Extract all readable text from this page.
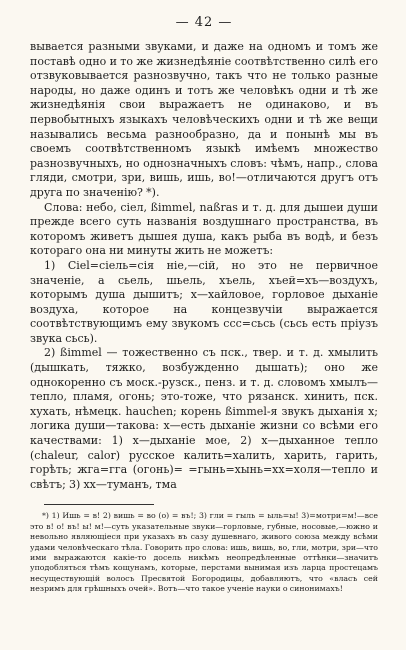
— 42 —

вывается разными звуками, и даже на одномъ и томъ же поставѣ одно и то же жизнедѣянiе соотвѣтственно силѣ его отзвуковывается разнозвучно, такъ что не только разные народы, но даже одинъ и тотъ же человѣкъ одни и тѣ же жизнедѣянія свои выражаетъ не одинаково, и въ первобытныхъ языкахъ человѣческихъ одни и тѣ же вещи назывались весьма разнообразно, да и понынѣ мы въ своемъ соотвѣтственномъ языкѣ имѣемъ множество разнозвучныхъ, но однозначныхъ словъ: чѣмъ, напр., слова гляди, смотри, зри, вишь, ишь, во!—отличаются другъ отъ друга по значенію? *).

Слова: небо, сiел, ßimmel, naßras и т. д. для дышеи души прежде всего суть названія воздушнаго пространства, въ которомъ живетъ дышея душа, какъ рыба въ водѣ, и безъ котораго она ни минуты жить не можетъ:

1) Ciel=сiель=сiя нiе,—сiй, но это не первичное значеніе, а сьель, шьель, хъель, хъей=хъ—воздухъ, которымъ душа дышитъ; х—хайловое, горловое дыханіе воздуха, которое на концезвучіи выражается соотвѣтствующимъ ему звукомъ ссс=сьсь (сьсь есть пріузъ звука сьсь).

2) ßimmel — тожественно съ пск., твер. и т. д. хмылить (дышкать, тяжко, возбужденно дышать); оно же однокоренно съ моск.-рузск., пенз. и т. д. словомъ хмылъ—тепло, пламя, огонь; это-тоже, что рязанск. хинить, пск. хухать, нѣмецк. hauchen; корень ßimmel-я звукъ дыханія х; логика души—такова: х—есть дыханіе жизни со всѣми его качествами: 1) х—дыханіе мое, 2) х—дыханное тепло (chaleur, calor) русское калить=халить, харить, гарить, горѣть; жга=гга (огонь)= =гынь=хынь=хх=холя—тепло и свѣтъ; 3) хх—туманъ, тма

*) 1) Ишь = в! 2) вишь = во (о) = въ!; 3) гли = гыль = ыль=ы! 3)=мотри=м!—все это в! о! въ! ы! м!—суть указательные звуки—горловые, губные, носовые,—южно и невольно являющіеся при указахъ въ сазу душевнаго, живого союза между всѣми удами человѣческаго тѣла. Говорить про слова: ишь, вишь, во, гли, мотри, зри—что ими выражаются какіе-то досель никѣмъ неопредѣленные оттѣнки—значитъ уподобляться тѣмъ кощунамъ, которые, перстами вынимая изъ ларца простецамъ несуществующій волосъ Пресвятой Богородицы, добавляютъ, что «власъ сей незримъ для грѣшныхъ очей». Вотъ—что такое ученіе науки о синонимахъ!
